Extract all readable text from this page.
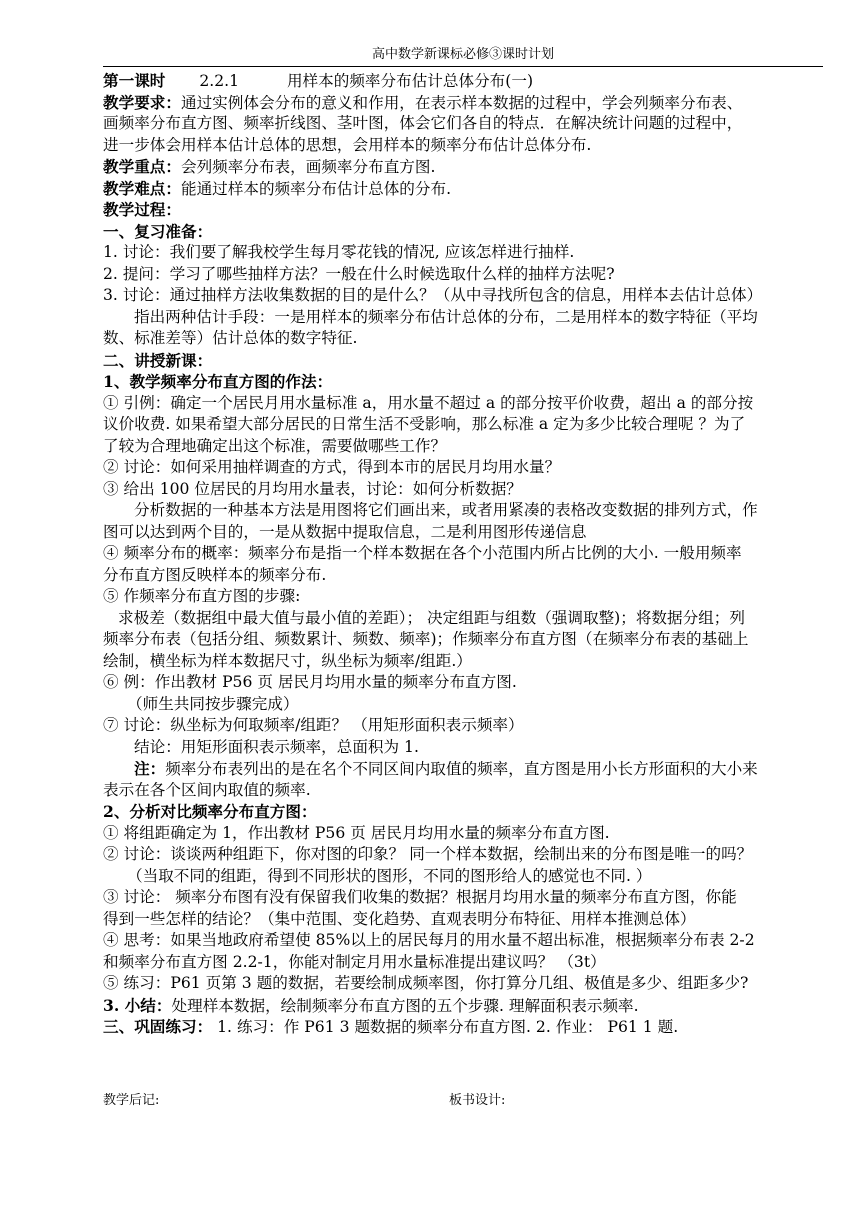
高中数学新课标必修③课时计划
第一课时 2.2.1	用样本的频率分布估计总体分布(一)
教学要求：通过实例体会分布的意义和作用，在表示样本数据的过程中，学会列频率分布表、
画频率分布直方图、频率折线图、茎叶图，体会它们各自的特点．在解决统计问题的过程中，
进一步体会用样本估计总体的思想，会用样本的频率分布估计总体分布.
教学重点：会列频率分布表，画频率分布直方图.
教学难点：能通过样本的频率分布估计总体的分布.
教学过程：
一、复习准备：
1. 讨论：我们要了解我校学生每月零花钱的情况, 应该怎样进行抽样.
2. 提问：学习了哪些抽样方法？一般在什么时候选取什么样的抽样方法呢?
3. 讨论：通过抽样方法收集数据的目的是什么？（从中寻找所包含的信息，用样本去估计总体）
指出两种估计手段：一是用样本的频率分布估计总体的分布，二是用样本的数字特征（平均
数、标准差等）估计总体的数字特征.
二、讲授新课：
1、教学频率分布直方图的作法：
① 引例：确定一个居民月用水量标准 a，用水量不超过 a 的部分按平价收费，超出 a 的部分按
议价收费. 如果希望大部分居民的日常生活不受影响，那么标准 a 定为多少比较合理呢 ？为了
了较为合理地确定出这个标准，需要做哪些工作？
② 讨论：如何采用抽样调查的方式，得到本市的居民月均用水量？
③ 给出 100 位居民的月均用水量表，讨论：如何分析数据？
分析数据的一种基本方法是用图将它们画出来，或者用紧凑的表格改变数据的排列方式，作
图可以达到两个目的，一是从数据中提取信息，二是利用图形传递信息
④ 频率分布的概率：频率分布是指一个样本数据在各个小范围内所占比例的大小. 一般用频率
分布直方图反映样本的频率分布.
⑤ 作频率分布直方图的步骤:
求极差（数据组中最大值与最小值的差距）； 决定组距与组数（强调取整)；将数据分组；列
频率分布表（包括分组、频数累计、频数、频率)；作频率分布直方图（在频率分布表的基础上
绘制，横坐标为样本数据尺寸，纵坐标为频率/组距.）
⑥ 例：作出教材 P56 页 居民月均用水量的频率分布直方图.
（师生共同按步骤完成）
⑦ 讨论：纵坐标为何取频率/组距？ （用矩形面积表示频率）
结论：用矩形面积表示频率，总面积为 1.
注：频率分布表列出的是在名个不同区间内取值的频率，直方图是用小长方形面积的大小来
表示在各个区间内取值的频率.
2、分析对比频率分布直方图：
① 将组距确定为 1，作出教材 P56 页 居民月均用水量的频率分布直方图.
② 讨论：谈谈两种组距下，你对图的印象？ 同一个样本数据，绘制出来的分布图是唯一的吗？
（当取不同的组距，得到不同形状的图形，不同的图形给人的感觉也不同. ）
③ 讨论： 频率分布图有没有保留我们收集的数据？根据月均用水量的频率分布直方图，你能
得到一些怎样的结论？（集中范围、变化趋势、直观表明分布特征、用样本推测总体）
④ 思考：如果当地政府希望使 85%以上的居民每月的用水量不超出标准，根据频率分布表 2-2
和频率分布直方图 2.2-1，你能对制定月用水量标准提出建议吗？ （3t）
⑤ 练习：P61 页第 3 题的数据，若要绘制成频率图，你打算分几组、极值是多少、组距多少?
3. 小结：处理样本数据，绘制频率分布直方图的五个步骤. 理解面积表示频率.
三、巩固练习： 1. 练习：作 P61 3 题数据的频率分布直方图. 2. 作业： P61 1 题.
教学后记:	板书设计:
